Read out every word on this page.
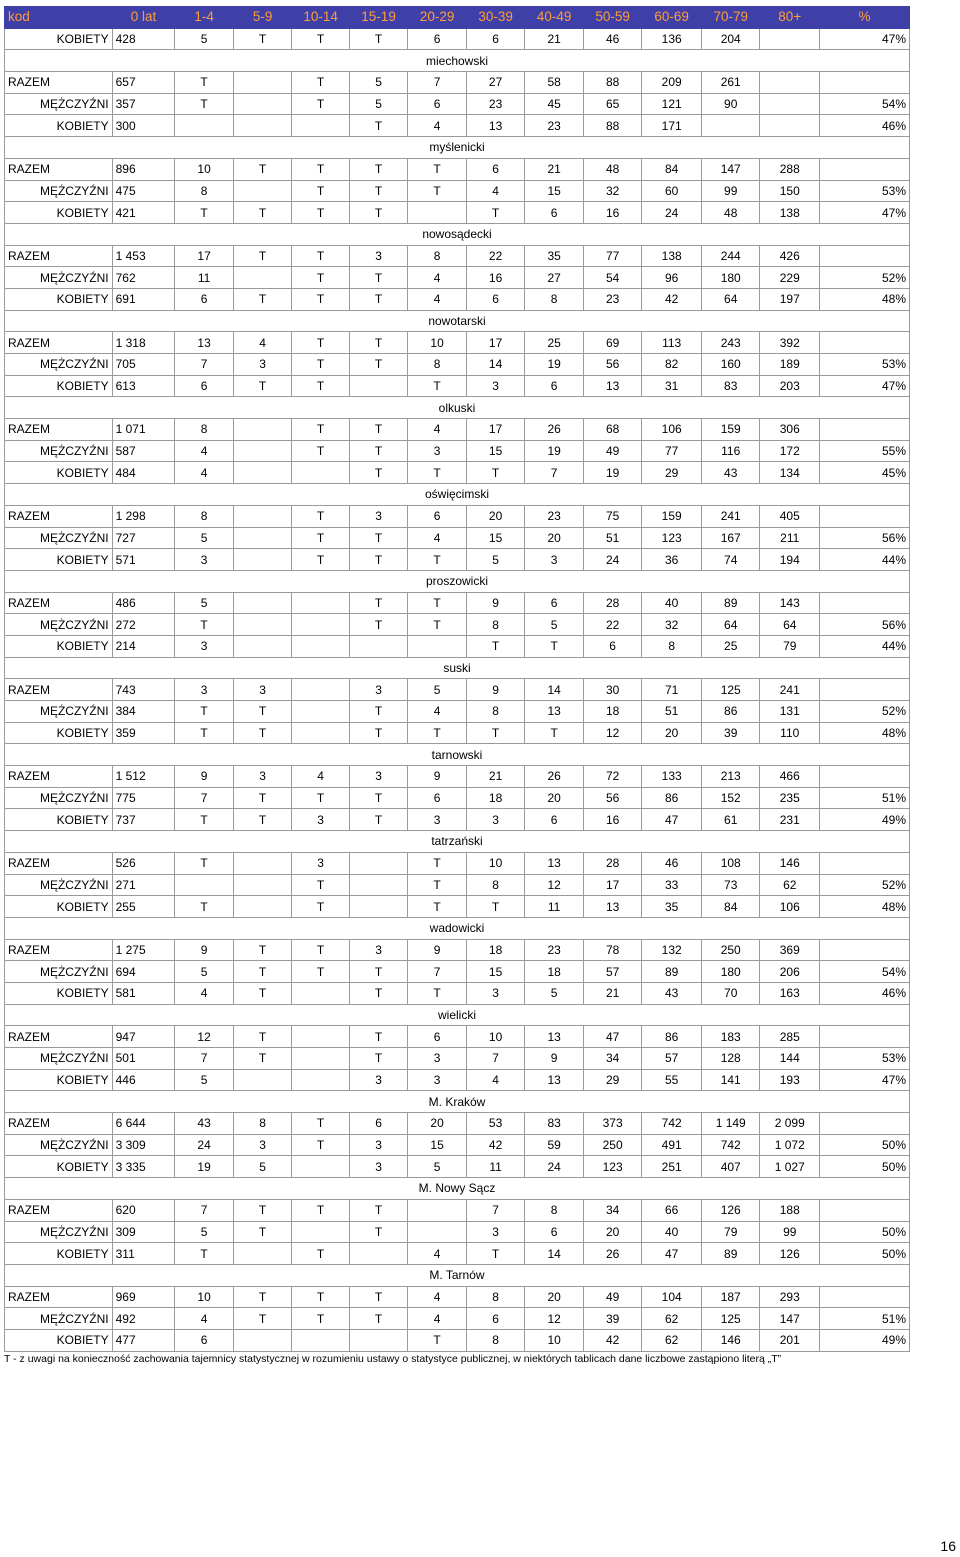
kod	0 lat	1-4	5-9	10-14	15-19	20-29	30-39	40-49	50-59	60-69	70-79	80+	%
KOBIETY	428	5	T	T	T	6	6	21	46	136	204		47%
miechowski													
RAZEM	657	T		T	5	7	27	58	88	209	261		
MĘŻCZYŹNI	357	T		T	5	6	23	45	65	121	90		54%
KOBIETY	300				T	4	13	23	88	171			46%
myślenicki													
RAZEM	896	10	T	T	T	T	6	21	48	84	147	288	
MĘŻCZYŹNI	475	8		T	T	T	4	15	32	60	99	150	53%
KOBIETY	421	T	T	T	T		T	6	16	24	48	138	47%
nowosądecki													
RAZEM	1 453	17	T	T	3	8	22	35	77	138	244	426	
MĘŻCZYŹNI	762	11		T	T	4	16	27	54	96	180	229	52%
KOBIETY	691	6	T	T	T	4	6	8	23	42	64	197	48%
nowotarski													
RAZEM	1 318	13	4	T	T	10	17	25	69	113	243	392	
MĘŻCZYŹNI	705	7	3	T	T	8	14	19	56	82	160	189	53%
KOBIETY	613	6	T	T		T	3	6	13	31	83	203	47%
olkuski													
RAZEM	1 071	8		T	T	4	17	26	68	106	159	306	
MĘŻCZYŹNI	587	4		T	T	3	15	19	49	77	116	172	55%
KOBIETY	484	4			T	T	T	7	19	29	43	134	45%
oświęcimski													
RAZEM	1 298	8		T	3	6	20	23	75	159	241	405	
MĘŻCZYŹNI	727	5		T	T	4	15	20	51	123	167	211	56%
KOBIETY	571	3		T	T	T	5	3	24	36	74	194	44%
proszowicki													
RAZEM	486	5			T	T	9	6	28	40	89	143	
MĘŻCZYŹNI	272	T			T	T	8	5	22	32	64	64	56%
KOBIETY	214	3					T	T	6	8	25	79	44%
suski													
RAZEM	743	3	3		3	5	9	14	30	71	125	241	
MĘŻCZYŹNI	384	T	T		T	4	8	13	18	51	86	131	52%
KOBIETY	359	T	T		T	T	T	T	12	20	39	110	48%
tarnowski													
RAZEM	1 512	9	3	4	3	9	21	26	72	133	213	466	
MĘŻCZYŹNI	775	7	T	T	T	6	18	20	56	86	152	235	51%
KOBIETY	737	T	T	3	T	3	3	6	16	47	61	231	49%
tatrzański													
RAZEM	526	T		3		T	10	13	28	46	108	146	
MĘŻCZYŹNI	271			T		T	8	12	17	33	73	62	52%
KOBIETY	255	T		T		T	T	11	13	35	84	106	48%
wadowicki													
RAZEM	1 275	9	T	T	3	9	18	23	78	132	250	369	
MĘŻCZYŹNI	694	5	T	T	T	7	15	18	57	89	180	206	54%
KOBIETY	581	4	T		T	T	3	5	21	43	70	163	46%
wielicki													
RAZEM	947	12	T		T	6	10	13	47	86	183	285	
MĘŻCZYŹNI	501	7	T		T	3	7	9	34	57	128	144	53%
KOBIETY	446	5			3	3	4	13	29	55	141	193	47%
M. Kraków													
RAZEM	6 644	43	8	T	6	20	53	83	373	742	1 149	2 099	
MĘŻCZYŹNI	3 309	24	3	T	3	15	42	59	250	491	742	1 072	50%
KOBIETY	3 335	19	5		3	5	11	24	123	251	407	1 027	50%
M. Nowy Sącz													
RAZEM	620	7	T	T	T		7	8	34	66	126	188	
MĘŻCZYŹNI	309	5	T		T		3	6	20	40	79	99	50%
KOBIETY	311	T		T		4	T	14	26	47	89	126	50%
M. Tarnów													
RAZEM	969	10	T	T	T	4	8	20	49	104	187	293	
MĘŻCZYŹNI	492	4	T	T	T	4	6	12	39	62	125	147	51%
KOBIETY	477	6				T	8	10	42	62	146	201	49%
T - z uwagi na konieczność zachowania tajemnicy statystycznej w rozumieniu ustawy o statystyce publicznej, w niektórych tablicach dane liczbowe zastąpiono literą „T”
16
